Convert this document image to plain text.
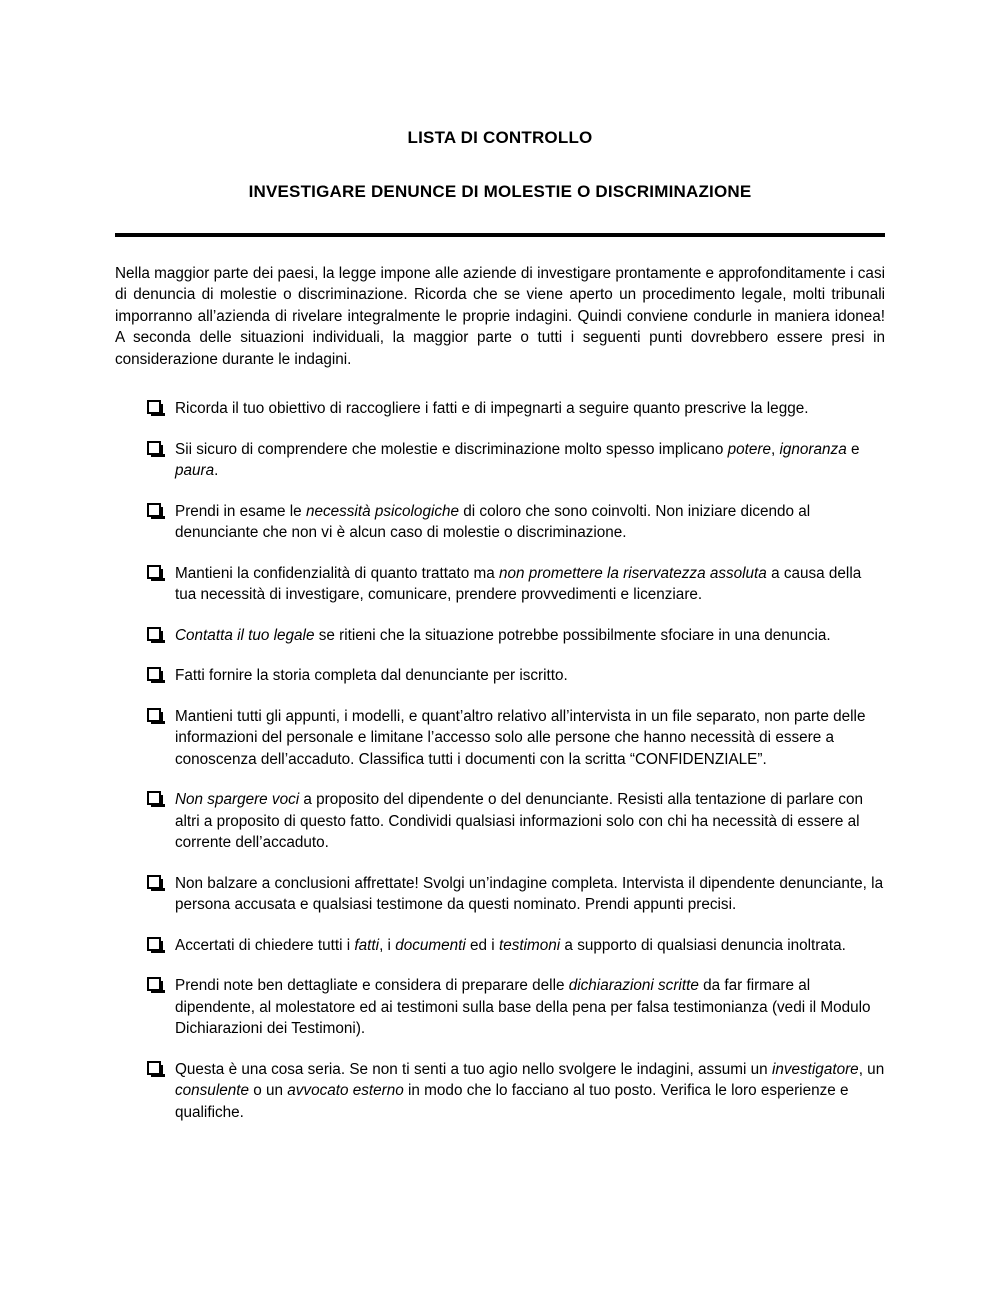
LISTA DI CONTROLLO
INVESTIGARE DENUNCE DI MOLESTIE O DISCRIMINAZIONE

Nella maggior parte dei paesi, la legge impone alle aziende di investigare prontamente e approfonditamente i casi di denuncia di molestie o discriminazione. Ricorda che se viene aperto un procedimento legale, molti tribunali imporranno all’azienda di rivelare integralmente le proprie indagini. Quindi conviene condurle in maniera idonea! A seconda delle situazioni individuali, la maggior parte o tutti i seguenti punti dovrebbero essere presi in considerazione durante le indagini.

Ricorda il tuo obiettivo di raccogliere i fatti e di impegnarti a seguire quanto prescrive la legge.
Sii sicuro di comprendere che molestie e discriminazione molto spesso implicano potere, ignoranza e paura.
Prendi in esame le necessità psicologiche di coloro che sono coinvolti. Non iniziare dicendo al denunciante che non vi è alcun caso di molestie o discriminazione.
Mantieni la confidenzialità di quanto trattato ma non promettere la riservatezza assoluta a causa della tua necessità di investigare, comunicare, prendere provvedimenti e licenziare.
Contatta il tuo legale se ritieni che la situazione potrebbe possibilmente sfociare in una denuncia.
Fatti fornire la storia completa dal denunciante per iscritto.
Mantieni tutti gli appunti, i modelli, e quant’altro relativo all’intervista in un file separato, non parte delle informazioni del personale e limitane l’accesso solo alle persone che hanno necessità di essere a conoscenza dell’accaduto. Classifica tutti i documenti con la scritta “CONFIDENZIALE”.
Non spargere voci a proposito del dipendente o del denunciante. Resisti alla tentazione di parlare con altri a proposito di questo fatto. Condividi qualsiasi informazioni solo con chi ha necessità di essere al corrente dell’accaduto.
Non balzare a conclusioni affrettate! Svolgi un’indagine completa. Intervista il dipendente denunciante, la persona accusata e qualsiasi testimone da questi nominato. Prendi appunti precisi.
Accertati di chiedere tutti i fatti, i documenti ed i testimoni a supporto di qualsiasi denuncia inoltrata.
Prendi note ben dettagliate e considera di preparare delle dichiarazioni scritte da far firmare al dipendente, al molestatore ed ai testimoni sulla base della pena per falsa testimonianza (vedi il Modulo Dichiarazioni dei Testimoni).
Questa è una cosa seria. Se non ti senti a tuo agio nello svolgere le indagini, assumi un investigatore, un consulente o un avvocato esterno in modo che lo facciano al tuo posto. Verifica le loro esperienze e qualifiche.
